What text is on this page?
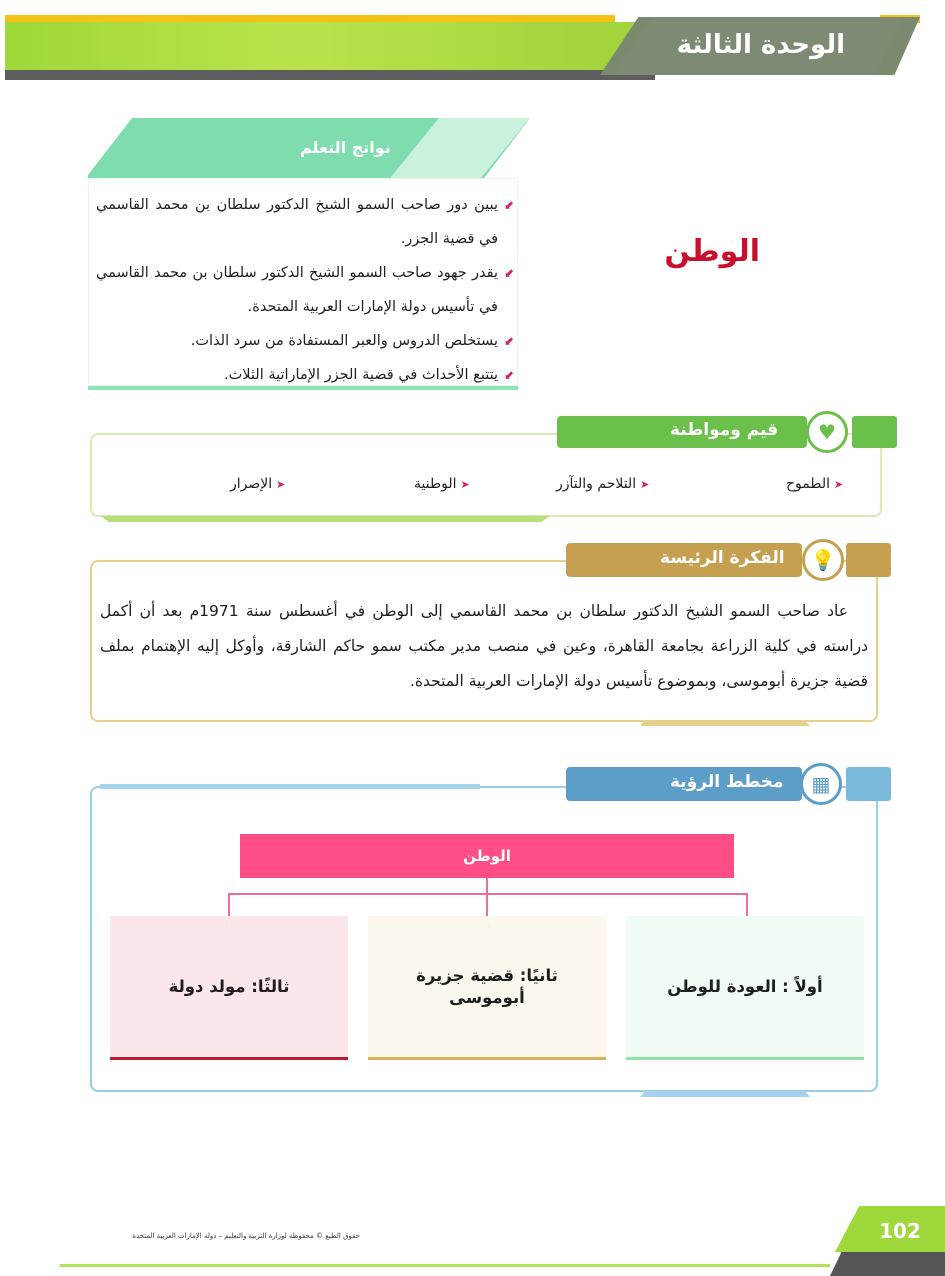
الوحدة الثالثة
الوطن
نواتج التعلم
⬋
يبين دور صاحب السمو الشيخ الدكتور سلطان بن محمد القاسمي في قضية الجزر.
⬋
يقدر جهود صاحب السمو الشيخ الدكتور سلطان بن محمد القاسمي في تأسيس دولة الإمارات العربية المتحدة.
⬋
يستخلص الدروس والعبر المستفادة من سرد الذات.
⬋
يتتبع الأحداث في قضية الجزر الإماراتية الثلاث.
قيم ومواطنة	♥
➤الطموح
➤التلاحم والتآزر
➤الوطنية
➤الإصرار
الفكرة الرئيسة	💡

عاد صاحب السمو الشيخ الدكتور سلطان بن محمد القاسمي إلى الوطن في أغسطس سنة 1971م بعد أن أكمل دراسته في كلية الزراعة بجامعة القاهرة، وعين في منصب مدير مكتب سمو حاكم الشارقة، وأوكل إليه الإهتمام بملف قضية جزيرة أبوموسى، وبموضوع تأسيس دولة الإمارات العربية المتحدة.

مخطط الرؤية	▦
الوطن
أولاً : العودة للوطن
ثانيًا: قضية جزيرة أبوموسى
ثالثًا: مولد دولة
حقوق الطبع © محفوظة لوزارة التربية والتعليم – دولة الإمارات العربية المتحدة	102
